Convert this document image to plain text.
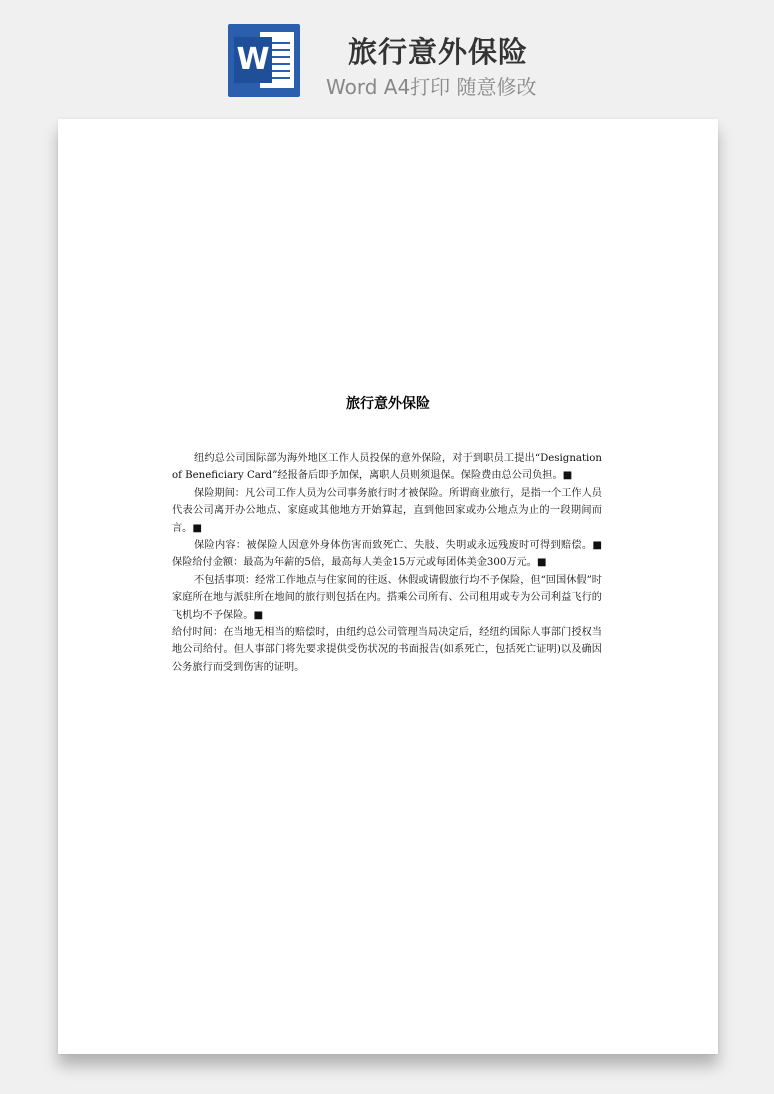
W	旅行意外保险
Word A4打印 随意修改

旅行意外保险

纽约总公司国际部为海外地区工作人员投保的意外保险，对于到职员工提出“Designation of Beneficiary Card”经报备后即予加保，离职人员则须退保。保险费由总公司负担。■

保险期间：凡公司工作人员为公司事务旅行时才被保险。所谓商业旅行，是指一个工作人员代表公司离开办公地点、家庭或其他地方开始算起，直到他回家或办公地点为止的一段期间而言。■

保险内容：被保险人因意外身体伤害而致死亡、失肢、失明或永远残废时可得到赔偿。■　保险给付金额：最高为年薪的5倍，最高每人美金15万元或每团体美金300万元。■

不包括事项：经常工作地点与住家间的往返、休假或请假旅行均不予保险，但“回国休假”时家庭所在地与派驻所在地间的旅行则包括在内。搭乘公司所有、公司租用或专为公司利益飞行的飞机均不予保险。■

给付时间：在当地无相当的赔偿时，由纽约总公司管理当局决定后，经纽约国际人事部门授权当地公司给付。但人事部门将先要求提供受伤状况的书面报告(如系死亡，包括死亡证明)以及确因公务旅行而受到伤害的证明。
